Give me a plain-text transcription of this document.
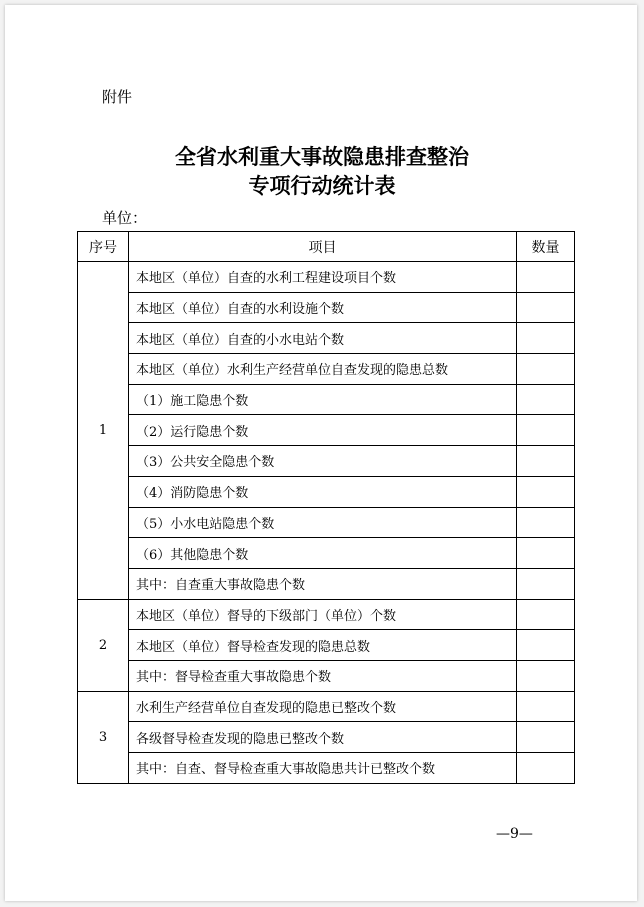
附件
全省水利重大事故隐患排查整治
专项行动统计表
单位：
序号	项目	数量
1	本地区（单位）自查的水利工程建设项目个数	
	本地区（单位）自查的水利设施个数	
	本地区（单位）自查的小水电站个数	
	本地区（单位）水利生产经营单位自查发现的隐患总数	
	（1）施工隐患个数	
	（2）运行隐患个数	
	（3）公共安全隐患个数	
	（4）消防隐患个数	
	（5）小水电站隐患个数	
	（6）其他隐患个数	
	其中：自查重大事故隐患个数	
2	本地区（单位）督导的下级部门（单位）个数	
	本地区（单位）督导检查发现的隐患总数	
	其中：督导检查重大事故隐患个数	
3	水利生产经营单位自查发现的隐患已整改个数	
	各级督导检查发现的隐患已整改个数	
	其中：自查、督导检查重大事故隐患共计已整改个数	
—9—
